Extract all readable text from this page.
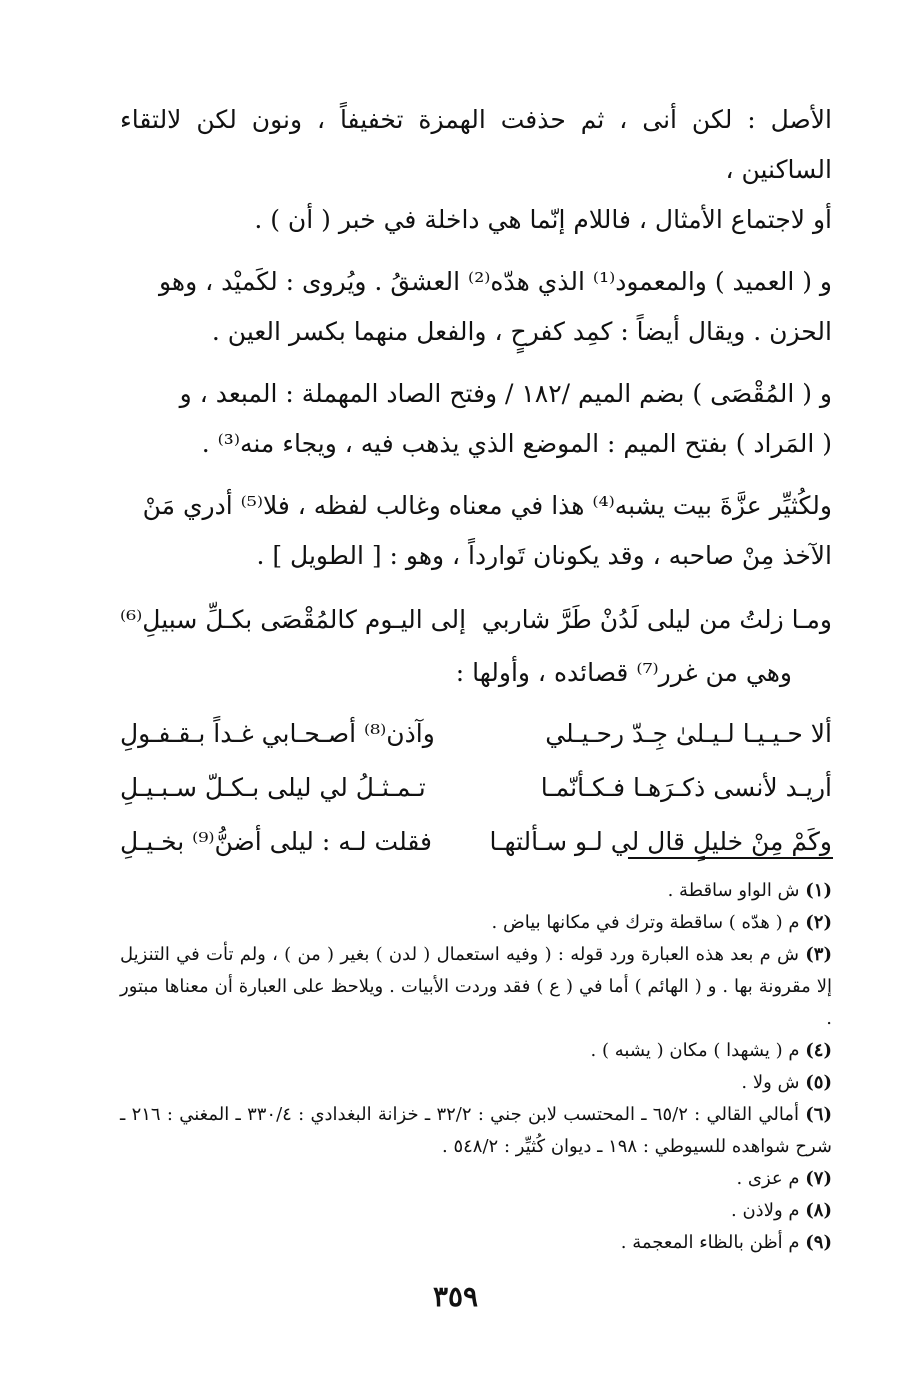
الأصل : لكن أنى ، ثم حذفت الهمزة تخفيفاً ، ونون لكن لالتقاء الساكنين ،

أو لاجتماع الأمثال ، فاللام إنّما هي داخلة في خبر ( أن ) .

و ( العميد ) والمعمود⁽¹⁾ الذي هدّه⁽²⁾ العشقُ . ويُروى : لكَميْد ، وهو

الحزن . ويقال أيضاً : كمِد كفرحٍ ، والفعل منهما بكسر العين .

و ( المُقْصَى ) بضم الميم /١٨٢ / وفتح الصاد المهملة : المبعد ، و

( المَراد ) بفتح الميم : الموضع الذي يذهب فيه ، ويجاء منه⁽³⁾ .

ولكُثيِّر عزَّةَ بيت يشبه⁽⁴⁾ هذا في معناه وغالب لفظه ، فلا⁽⁵⁾ أدري مَنْ

الآخذ مِنْ صاحبه ، وقد يكونان تَوارداً ، وهو : [ الطويل ] .

ومـا زلتُ من ليلى لَدُنْ طَرَّ شاربي
إلى اليـوم كالمُقْصَى بكـلِّ سبيلِ⁽⁶⁾
وهي من غرر⁽⁷⁾ قصائده ، وأولها :
ألا حـيـيـا لـيـلىٰ جِـدّ رحـيـلي
وآذن⁽⁸⁾ أصـحـابي غـداً بـقـفـولِ
أريـد لأنسى ذكـرَهـا فـكـأنّمـا
تـمـثـلُ لي ليلى بـكـلّ سـبـيـلِ
وكَمْ مِنْ خليلٍ قال لي لـو سـألتهـا
فقلت لـه : ليلى أضنُّ⁽⁹⁾ بخـيـلِ

(١) ش الواو ساقطة .

(٢) م ( هدّه ) ساقطة وترك في مكانها بياض .

(٣) ش م بعد هذه العبارة ورد قوله : ( وفيه استعمال ( لدن ) بغير ( من ) ، ولم تأت في التنزيل إلا مقرونة بها . و ( الهائم ) أما في ( ع ) فقد وردت الأبيات . ويلاحظ على العبارة أن معناها مبتور .

(٤) م ( يشهدا ) مكان ( يشبه ) .

(٥) ش ولا .

(٦) أمالي القالي : ٦٥/٢ ـ المحتسب لابن جني : ٣٢/٢ ـ خزانة البغدادي : ٣٣٠/٤ ـ المغني : ٢١٦ ـ شرح شواهده للسيوطي : ١٩٨ ـ ديوان كُثيِّر : ٥٤٨/٢ .

(٧) م عزى .

(٨) م ولاذن .

(٩) م أظن بالظاء المعجمة .

٣٥٩
